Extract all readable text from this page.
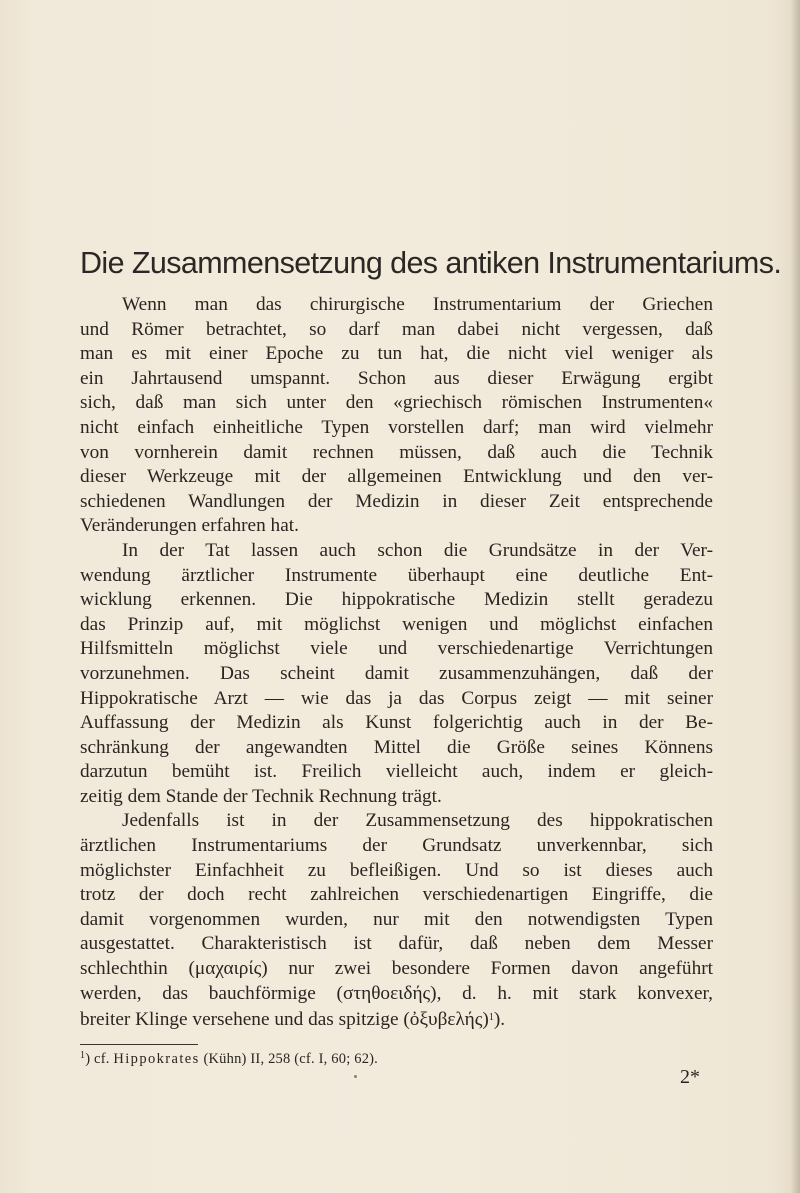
Die Zusammensetzung des antiken Instrumentariums.
Wenn man das chirurgische Instrumentarium der Griechen
und Römer betrachtet, so darf man dabei nicht vergessen, daß
man es mit einer Epoche zu tun hat, die nicht viel weniger als
ein Jahrtausend umspannt. Schon aus dieser Erwägung ergibt
sich, daß man sich unter den «griechisch römischen Instrumenten«
nicht einfach einheitliche Typen vorstellen darf; man wird vielmehr
von vornherein damit rechnen müssen, daß auch die Technik
dieser Werkzeuge mit der allgemeinen Entwicklung und den ver-
schiedenen Wandlungen der Medizin in dieser Zeit entsprechende
Veränderungen erfahren hat.
In der Tat lassen auch schon die Grundsätze in der Ver-
wendung ärztlicher Instrumente überhaupt eine deutliche Ent-
wicklung erkennen. Die hippokratische Medizin stellt geradezu
das Prinzip auf, mit möglichst wenigen und möglichst einfachen
Hilfsmitteln möglichst viele und verschiedenartige Verrichtungen
vorzunehmen. Das scheint damit zusammenzuhängen, daß der
Hippokratische Arzt — wie das ja das Corpus zeigt — mit seiner
Auffassung der Medizin als Kunst folgerichtig auch in der Be-
schränkung der angewandten Mittel die Größe seines Könnens
darzutun bemüht ist. Freilich vielleicht auch, indem er gleich-
zeitig dem Stande der Technik Rechnung trägt.
Jedenfalls ist in der Zusammensetzung des hippokratischen
ärztlichen Instrumentariums der Grundsatz unverkennbar, sich
möglichster Einfachheit zu befleißigen. Und so ist dieses auch
trotz der doch recht zahlreichen verschiedenartigen Eingriffe, die
damit vorgenommen wurden, nur mit den notwendigsten Typen
ausgestattet. Charakteristisch ist dafür, daß neben dem Messer
schlechthin (μαχαιρίς) nur zwei besondere Formen davon angeführt
werden, das bauchförmige (στηθοειδής), d. h. mit stark konvexer,
breiter Klinge versehene und das spitzige (ὀξυβελής)$^1$).
$^1$) cf. Hippokrates (Kühn) II, 258 (cf. I, 60; 62).
2*
